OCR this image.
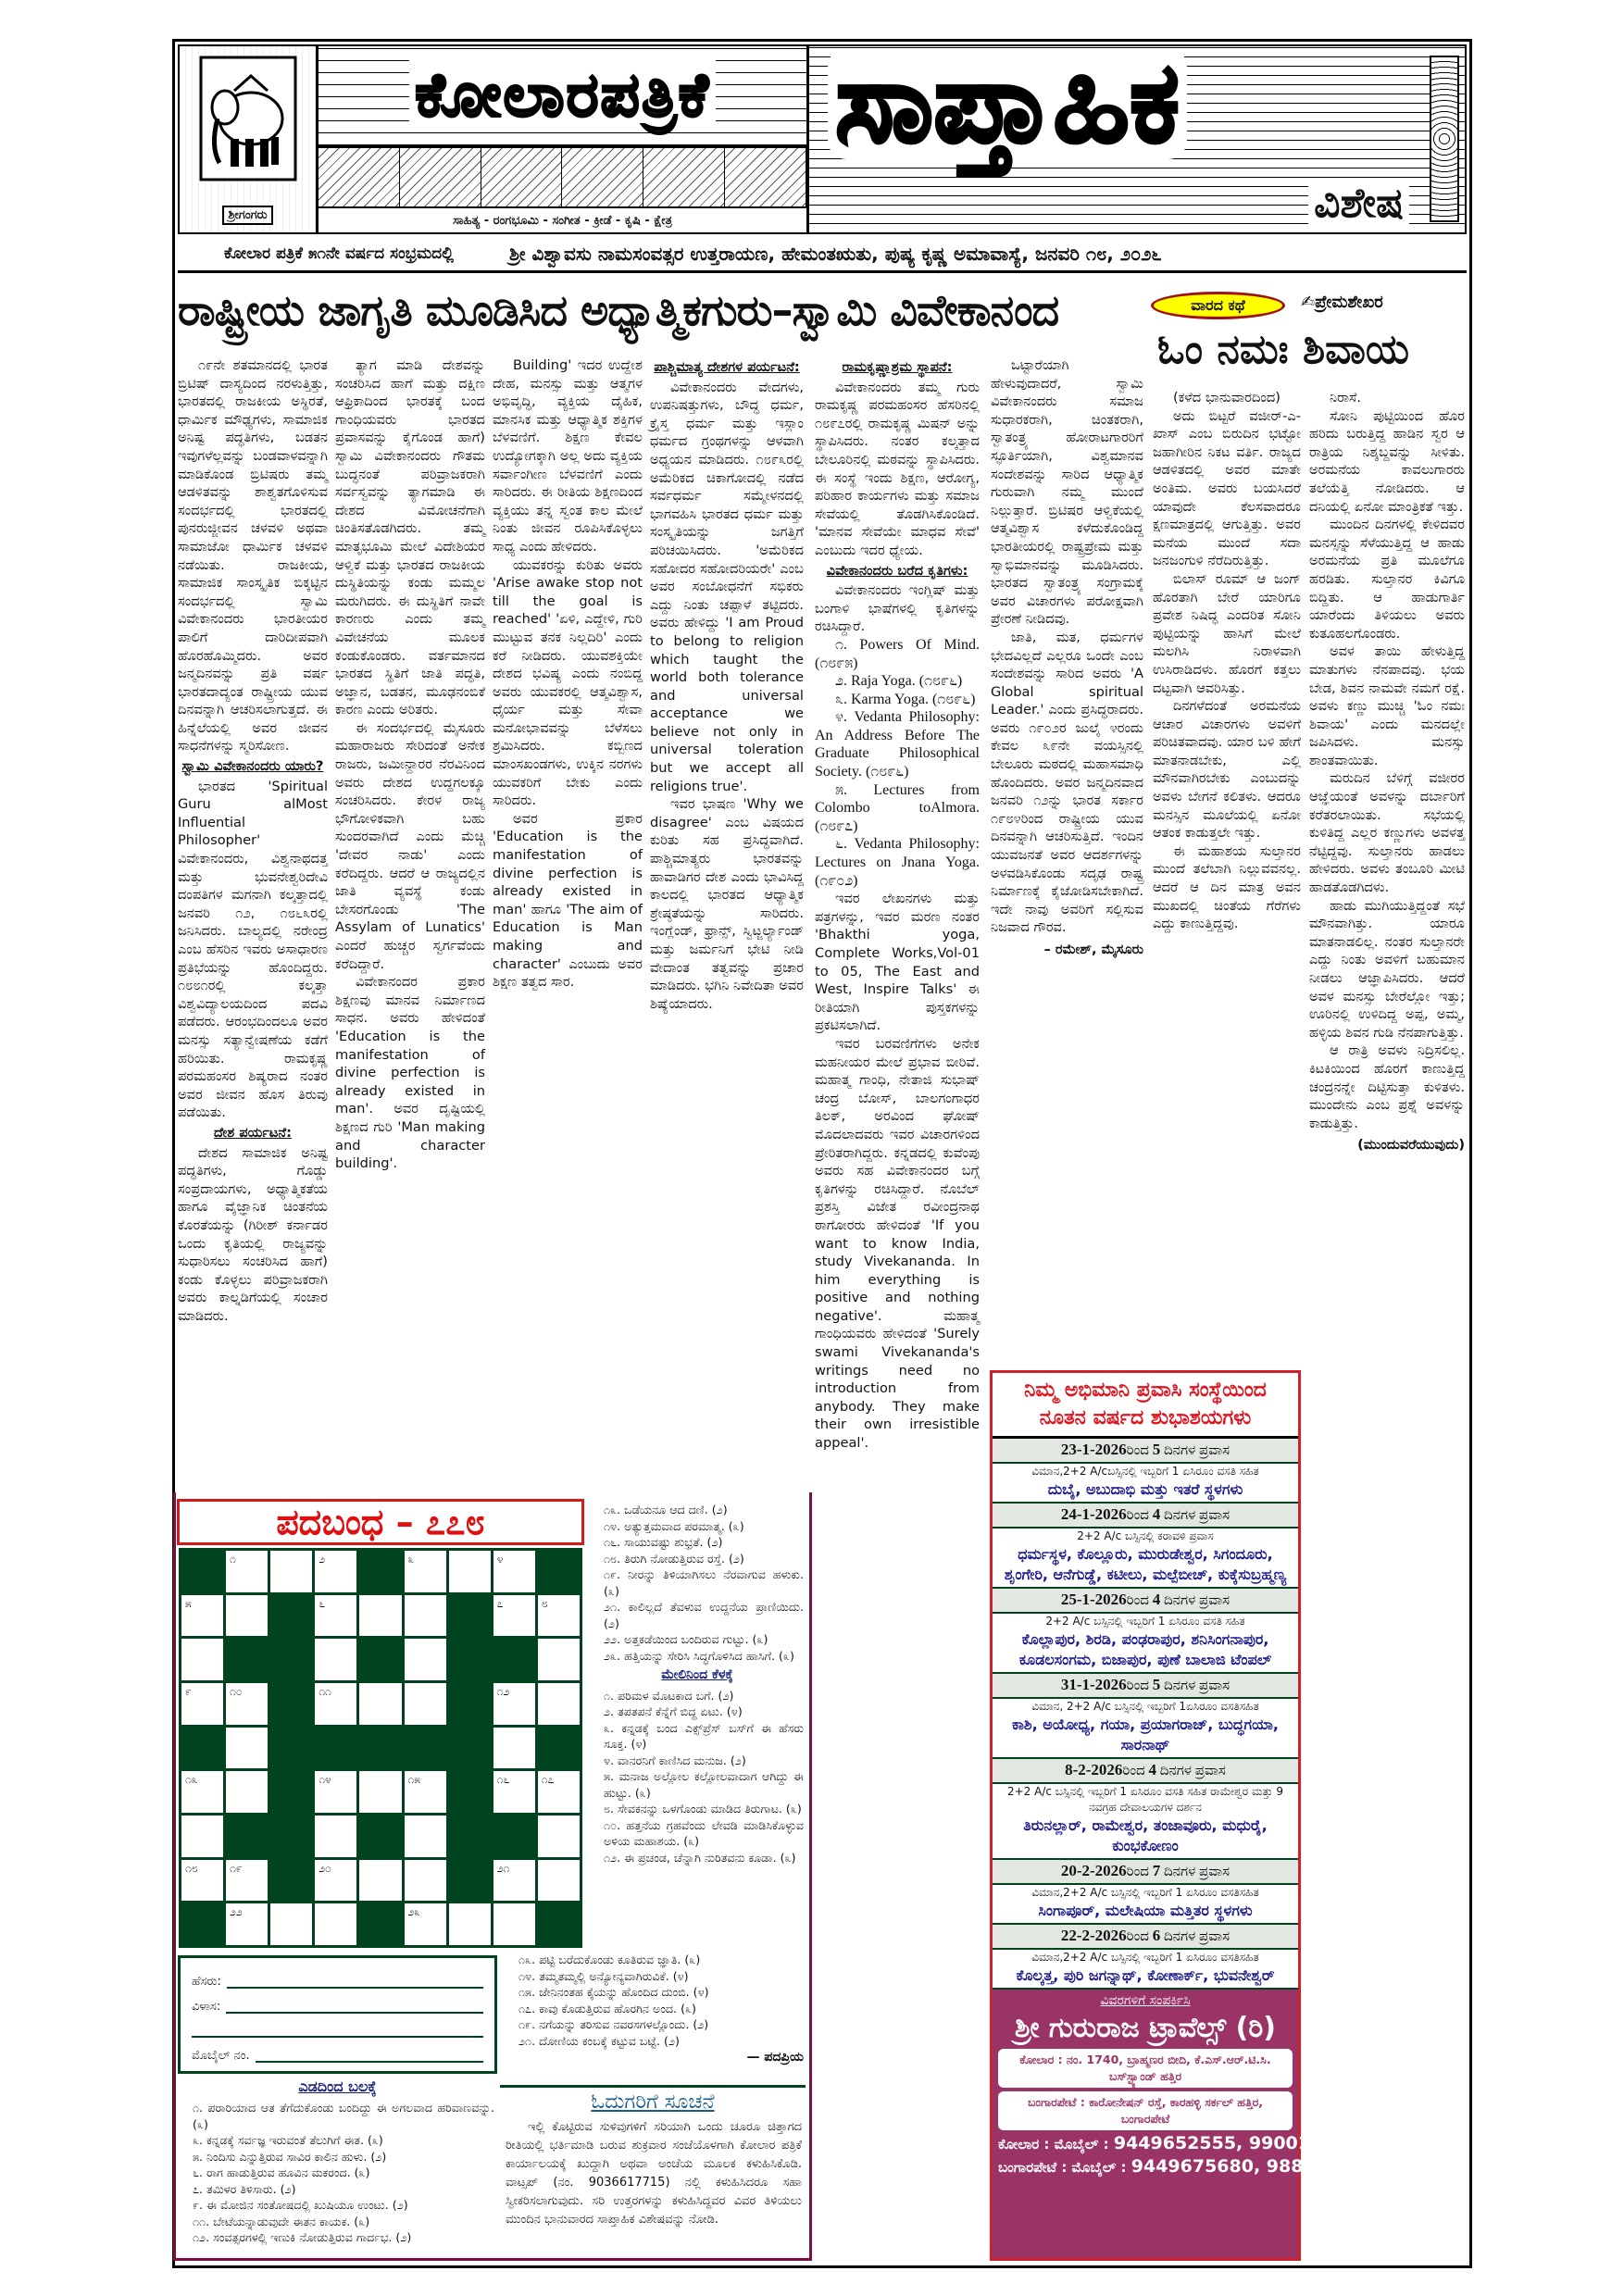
ಶ್ರೀಗಂಗರು
ಕೋಲಾರಪತ್ರಿಕೆ
ಸಾಹಿತ್ಯ - ರಂಗಭೂಮಿ - ಸಂಗೀತ - ಕ್ರೀಡೆ - ಕೃಷಿ - ಕ್ಷೇತ್ರ
ಸಾಪ್ತಾಹಿಕ
ವಿಶೇಷ
ಕೋಲಾರ ಪತ್ರಿಕೆ ೫೧ನೇ ವರ್ಷದ ಸಂಭ್ರಮದಲ್ಲಿ	ಶ್ರೀ ವಿಶ್ವಾವಸು ನಾಮಸಂವತ್ಸರ ಉತ್ತರಾಯಣ, ಹೇಮಂತಋತು, ಪುಷ್ಯ ಕೃಷ್ಣ ಅಮಾವಾಸ್ಯೆ, ಜನವರಿ ೧೮, ೨೦೨೬
ರಾಷ್ಟ್ರೀಯ ಜಾಗೃತಿ ಮೂಡಿಸಿದ ಅಧ್ಯಾತ್ಮಿಕಗುರು–ಸ್ವಾಮಿ ವಿವೇಕಾನಂದ	ವಾರದ ಕಥೆ	✍ಪ್ರೇಮಶೇಖರ
ಓಂ ನಮಃ ಶಿವಾಯ

೧೯ನೇ ಶತಮಾನದಲ್ಲಿ ಭಾರತ ಬ್ರಿಟಿಷ್ ದಾಸ್ಯದಿಂದ ನರಳುತ್ತಿತ್ತು, ಭಾರತದಲ್ಲಿ ರಾಜಕೀಯ ಅಸ್ಥಿರತೆ, ಧಾರ್ಮಿಕ ಮೌಢ್ಯಗಳು, ಸಾಮಾಜಿಕ ಅನಿಷ್ಟ ಪದ್ಧತಿಗಳು, ಬಡತನ ಇವುಗಳೆಲ್ಲವನ್ನು ಬಂಡವಾಳವನ್ನಾಗಿ ಮಾಡಿಕೊಂಡ ಬ್ರಿಟಿಷರು ತಮ್ಮ ಆಡಳಿತವನ್ನು ಶಾಶ್ವತಗೊಳಿಸುವ ಸಂದರ್ಭದಲ್ಲಿ ಭಾರತದಲ್ಲಿ ಪುನರುಜ್ಜೀವನ ಚಳವಳಿ ಅಥವಾ ಸಾಮಾಜೋ ಧಾರ್ಮಿಕ ಚಳವಳಿ ನಡೆಯಿತು. ರಾಜಕೀಯ, ಸಾಮಾಜಿಕ ಸಾಂಸ್ಕೃತಿಕ ಬಿಕ್ಕಟ್ಟಿನ ಸಂದರ್ಭದಲ್ಲಿ ಸ್ವಾಮಿ ವಿವೇಕಾನಂದರು ಭಾರತೀಯರ ಪಾಲಿಗೆ ದಾರಿದೀಪವಾಗಿ ಹೊರಹೊಮ್ಮಿದರು. ಅವರ ಜನ್ಮದಿನವನ್ನು ಪ್ರತಿ ವರ್ಷ ಭಾರತದಾದ್ಯಂತ ರಾಷ್ಟ್ರೀಯ ಯುವ ದಿನವನ್ನಾಗಿ ಆಚರಿಸಲಾಗುತ್ತದೆ. ಈ ಹಿನ್ನೆಲೆಯಲ್ಲಿ ಅವರ ಜೀವನ ಸಾಧನೆಗಳನ್ನು ಸ್ಮರಿಸೋಣ.

ಸ್ವಾಮಿ ವಿವೇಕಾನಂದರು ಯಾರು?

ಭಾರತದ 'Spiritual Guru alMost Influential Philosopher' ವಿವೇಕಾನಂದರು, ವಿಶ್ವನಾಥದತ್ತ ಮತ್ತು ಭುವನೇಶ್ವರಿದೇವಿ ದಂಪತಿಗಳ ಮಗನಾಗಿ ಕಲ್ಕತ್ತಾದಲ್ಲಿ ಜನವರಿ ೧೨, ೧೮೬೩ರಲ್ಲಿ ಜನಿಸಿದರು. ಬಾಲ್ಯದಲ್ಲಿ ನರೇಂದ್ರ ಎಂಬ ಹೆಸರಿನ ಇವರು ಅಸಾಧಾರಣ ಪ್ರತಿಭೆಯನ್ನು ಹೊಂದಿದ್ದರು. ೧೮೮೧ರಲ್ಲಿ ಕಲ್ಕತ್ತಾ ವಿಶ್ವವಿದ್ಯಾಲಯದಿಂದ ಪದವಿ ಪಡೆದರು. ಆರಂಭದಿಂದಲೂ ಅವರ ಮನಸ್ಸು ಸತ್ಯಾನ್ವೇಷಣೆಯ ಕಡೆಗೆ ಹರಿಯಿತು. ರಾಮಕೃಷ್ಣ ಪರಮಹಂಸರ ಶಿಷ್ಯರಾದ ನಂತರ ಅವರ ಜೀವನ ಹೊಸ ತಿರುವು ಪಡೆಯಿತು.

ದೇಶ ಪರ್ಯಟನೆ:

ದೇಶದ ಸಾಮಾಜಿಕ ಅನಿಷ್ಟ ಪದ್ಧತಿಗಳು, ಗೊಡ್ಡು ಸಂಪ್ರದಾಯಗಳು, ಅಧ್ಯಾತ್ಮಿಕತೆಯ ಹಾಗೂ ವೈಜ್ಞಾನಿಕ ಚಿಂತನೆಯ ಕೊರತೆಯನ್ನು (ಗಿರೀಶ್ ಕರ್ನಾಡರ ಒಂದು ಕೃತಿಯಲ್ಲಿ ರಾಜ್ಯವನ್ನು ಸುಧಾರಿಸಲು ಸಂಚರಿಸಿದ ಹಾಗೆ) ಕಂಡು ಕೊಳ್ಳಲು ಪರಿವ್ರಾಜಕರಾಗಿ ಅವರು ಕಾಲ್ನಡಿಗೆಯಲ್ಲಿ ಸಂಚಾರ ಮಾಡಿದರು.

ತ್ಯಾಗ ಮಾಡಿ ದೇಶವನ್ನು ಸಂಚರಿಸಿದ ಹಾಗೆ ಮತ್ತು ದಕ್ಷಿಣ ಆಫ್ರಿಕಾದಿಂದ ಭಾರತಕ್ಕೆ ಬಂದ ಗಾಂಧಿಯವರು ಭಾರತದ ಪ್ರವಾಸವನ್ನು ಕೈಗೊಂಡ ಹಾಗೆ) ಸ್ವಾಮಿ ವಿವೇಕಾನಂದರು ಗೌತಮ ಬುದ್ಧನಂತೆ ಪರಿವ್ರಾಜಕರಾಗಿ ಸರ್ವಸ್ವವನ್ನು ತ್ಯಾಗಮಾಡಿ ಈ ದೇಶದ ವಿಮೋಚನೆಗಾಗಿ ಚಿಂತಿಸತೊಡಗಿದರು. ತಮ್ಮ ಮಾತೃಭೂಮಿ ಮೇಲೆ ವಿದೇಶಿಯರ ಆಳ್ವಿಕೆ ಮತ್ತು ಭಾರತದ ರಾಜಕೀಯ ದುಸ್ಥಿತಿಯನ್ನು ಕಂಡು ಮಮ್ಮಲ ಮರುಗಿದರು. ಈ ದುಸ್ಥಿತಿಗೆ ನಾವೇ ಕಾರಣರು ಎಂದು ತಮ್ಮ ವಿವೇಚನೆಯ ಮೂಲಕ ಕಂಡುಕೊಂಡರು. ವರ್ತಮಾನದ ಭಾರತದ ಸ್ಥಿತಿಗೆ ಜಾತಿ ಪದ್ಧತಿ, ಅಜ್ಞಾನ, ಬಡತನ, ಮೂಢನಂಬಿಕೆ ಕಾರಣ ಎಂದು ಅರಿತರು.

ಈ ಸಂದರ್ಭದಲ್ಲಿ ಮೈಸೂರು ಮಹಾರಾಜರು ಸೇರಿದಂತೆ ಅನೇಕ ರಾಜರು, ಜಮೀನ್ದಾರರ ನೆರವಿನಿಂದ ಅವರು ದೇಶದ ಉದ್ದಗಲಕ್ಕೂ ಸಂಚರಿಸಿದರು. ಕೇರಳ ರಾಜ್ಯ ಭೌಗೋಳಿಕವಾಗಿ ಬಹು ಸುಂದರವಾಗಿದೆ ಎಂದು ಮೆಚ್ಚಿ 'ದೇವರ ನಾಡು' ಎಂದು ಕರೆದಿದ್ದರು. ಆದರೆ ಆ ರಾಜ್ಯದಲ್ಲಿನ ಜಾತಿ ವ್ಯವಸ್ಥೆ ಕಂಡು ಬೇಸರಗೊಂಡು 'The Assylam of Lunatics' ಎಂದರೆ ಹುಚ್ಚರ ಸ್ವರ್ಗವೆಂದು ಕರೆದಿದ್ದಾರೆ.

ವಿವೇಕಾನಂದರ ಪ್ರಕಾರ ಶಿಕ್ಷಣವು ಮಾನವ ನಿರ್ಮಾಣದ ಸಾಧನ. ಅವರು ಹೇಳಿದಂತೆ 'Education is the manifestation of divine perfection is already existed in man'. ಅವರ ದೃಷ್ಟಿಯಲ್ಲಿ ಶಿಕ್ಷಣದ ಗುರಿ 'Man making and character building'.

Building' ಇದರ ಉದ್ದೇಶ ದೇಹ, ಮನಸ್ಸು ಮತ್ತು ಆತ್ಮಗಳ ಅಭಿವೃದ್ಧಿ, ವ್ಯಕ್ತಿಯ ದೈಹಿಕ, ಮಾನಸಿಕ ಮತ್ತು ಆಧ್ಯಾತ್ಮಿಕ ಶಕ್ತಿಗಳ ಬೆಳವಣಿಗೆ. ಶಿಕ್ಷಣ ಕೇವಲ ಉದ್ಯೋಗಕ್ಕಾಗಿ ಅಲ್ಲ ಅದು ವ್ಯಕ್ತಿಯ ಸರ್ವಾಂಗೀಣ ಬೆಳವಣಿಗೆ ಎಂದು ಸಾರಿದರು. ಈ ರೀತಿಯ ಶಿಕ್ಷಣದಿಂದ ವ್ಯಕ್ತಿಯು ತನ್ನ ಸ್ವಂತ ಕಾಲ ಮೇಲೆ ನಿಂತು ಜೀವನ ರೂಪಿಸಿಕೊಳ್ಳಲು ಸಾಧ್ಯ ಎಂದು ಹೇಳಿದರು.

ಯುವಕರನ್ನು ಕುರಿತು ಅವರು 'Arise awake stop not till the goal is reached' 'ಏಳಿ, ಎದ್ದೇಳಿ, ಗುರಿ ಮುಟ್ಟುವ ತನಕ ನಿಲ್ಲದಿರಿ' ಎಂದು ಕರೆ ನೀಡಿದರು. ಯುವಶಕ್ತಿಯೇ ದೇಶದ ಭವಿಷ್ಯ ಎಂದು ನಂಬಿದ್ದ ಅವರು ಯುವಕರಲ್ಲಿ ಆತ್ಮವಿಶ್ವಾಸ, ಧೈರ್ಯ ಮತ್ತು ಸೇವಾ ಮನೋಭಾವವನ್ನು ಬೆಳೆಸಲು ಶ್ರಮಿಸಿದರು. ಕಬ್ಬಿಣದ ಮಾಂಸಖಂಡಗಳು, ಉಕ್ಕಿನ ನರಗಳು ಯುವಕರಿಗೆ ಬೇಕು ಎಂದು ಸಾರಿದರು.

ಅವರ ಪ್ರಕಾರ 'Education is the manifestation of divine perfection is already existed in man' ಹಾಗೂ 'The aim of Education is Man making and character' ಎಂಬುದು ಅವರ ಶಿಕ್ಷಣ ತತ್ವದ ಸಾರ.

ಪಾಶ್ಚಿಮಾತ್ಯ ದೇಶಗಳ ಪರ್ಯಟನೆ:

ವಿವೇಕಾನಂದರು ವೇದಗಳು, ಉಪನಿಷತ್ತುಗಳು, ಬೌದ್ಧ ಧರ್ಮ, ಕ್ರೈಸ್ತ ಧರ್ಮ ಮತ್ತು ಇಸ್ಲಾಂ ಧರ್ಮದ ಗ್ರಂಥಗಳನ್ನು ಆಳವಾಗಿ ಅಧ್ಯಯನ ಮಾಡಿದರು. ೧೮೯೩ರಲ್ಲಿ ಅಮೆರಿಕದ ಚಿಕಾಗೋದಲ್ಲಿ ನಡೆದ ಸರ್ವಧರ್ಮ ಸಮ್ಮೇಳನದಲ್ಲಿ ಭಾಗವಹಿಸಿ ಭಾರತದ ಧರ್ಮ ಮತ್ತು ಸಂಸ್ಕೃತಿಯನ್ನು ಜಗತ್ತಿಗೆ ಪರಿಚಯಿಸಿದರು. 'ಅಮೆರಿಕದ ಸಹೋದರ ಸಹೋದರಿಯರೇ' ಎಂಬ ಅವರ ಸಂಬೋಧನೆಗೆ ಸಭಿಕರು ಎದ್ದು ನಿಂತು ಚಪ್ಪಾಳೆ ತಟ್ಟಿದರು. ಅವರು ಹೇಳಿದ್ದು 'I am Proud to belong to religion which taught the world both tolerance and universal acceptance we believe not only in universal toleration but we accept all religions true'.

ಇವರ ಭಾಷಣ 'Why we disagree' ಎಂಬ ವಿಷಯದ ಕುರಿತು ಸಹ ಪ್ರಸಿದ್ಧವಾಗಿದೆ. ಪಾಶ್ಚಿಮಾತ್ಯರು ಭಾರತವನ್ನು ಹಾವಾಡಿಗರ ದೇಶ ಎಂದು ಭಾವಿಸಿದ್ದ ಕಾಲದಲ್ಲಿ ಭಾರತದ ಆಧ್ಯಾತ್ಮಿಕ ಶ್ರೇಷ್ಠತೆಯನ್ನು ಸಾರಿದರು. ಇಂಗ್ಲೆಂಡ್, ಫ್ರಾನ್ಸ್, ಸ್ವಿಟ್ಜರ್ಲ್ಯಾಂಡ್ ಮತ್ತು ಜರ್ಮನಿಗೆ ಭೇಟಿ ನೀಡಿ ವೇದಾಂತ ತತ್ವವನ್ನು ಪ್ರಚಾರ ಮಾಡಿದರು. ಭಗಿನಿ ನಿವೇದಿತಾ ಅವರ ಶಿಷ್ಯೆಯಾದರು.

ರಾಮಕೃಷ್ಣಾಶ್ರಮ ಸ್ಥಾಪನೆ:

ವಿವೇಕಾನಂದರು ತಮ್ಮ ಗುರು ರಾಮಕೃಷ್ಣ ಪರಮಹಂಸರ ಹೆಸರಿನಲ್ಲಿ ೧೮೯೭ರಲ್ಲಿ ರಾಮಕೃಷ್ಣ ಮಿಷನ್ ಅನ್ನು ಸ್ಥಾಪಿಸಿದರು. ನಂತರ ಕಲ್ಕತ್ತಾದ ಬೇಲೂರಿನಲ್ಲಿ ಮಠವನ್ನು ಸ್ಥಾಪಿಸಿದರು. ಈ ಸಂಸ್ಥೆ ಇಂದು ಶಿಕ್ಷಣ, ಆರೋಗ್ಯ, ಪರಿಹಾರ ಕಾರ್ಯಗಳು ಮತ್ತು ಸಮಾಜ ಸೇವೆಯಲ್ಲಿ ತೊಡಗಿಸಿಕೊಂಡಿದೆ. 'ಮಾನವ ಸೇವೆಯೇ ಮಾಧವ ಸೇವೆ' ಎಂಬುದು ಇದರ ಧ್ಯೇಯ.

ವಿವೇಕಾನಂದರು ಬರೆದ ಕೃತಿಗಳು:

ವಿವೇಕಾನಂದರು ಇಂಗ್ಲಿಷ್ ಮತ್ತು ಬಂಗಾಳಿ ಭಾಷೆಗಳಲ್ಲಿ ಕೃತಿಗಳನ್ನು ರಚಿಸಿದ್ದಾರೆ.

೧. Powers Of Mind.(೧೮೯೫)

೨. Raja Yoga. (೧೮೯೬)

೩. Karma Yoga. (೧೮೯೬)

೪. Vedanta Philosophy: An Address Before The Graduate Philosophical Society. (೧೮೯೬)

೫. Lectures from Colombo toAlmora. (೧೮೯೭)

೬. Vedanta Philosophy: Lectures on Jnana Yoga. (೧೯೦೨)

ಇವರ ಲೇಖನಗಳು ಮತ್ತು ಪತ್ರಗಳನ್ನು, ಇವರ ಮರಣ ನಂತರ 'Bhakthi yoga, Complete Works,Vol-01 to 05, The East and West, Inspire Talks' ಈ ರೀತಿಯಾಗಿ ಪುಸ್ತಕಗಳನ್ನು ಪ್ರಕಟಿಸಲಾಗಿದೆ.

ಇವರ ಬರವಣಿಗೆಗಳು ಅನೇಕ ಮಹನೀಯರ ಮೇಲೆ ಪ್ರಭಾವ ಬೀರಿವೆ. ಮಹಾತ್ಮ ಗಾಂಧಿ, ನೇತಾಜಿ ಸುಭಾಷ್ ಚಂದ್ರ ಬೋಸ್, ಬಾಲಗಂಗಾಧರ ತಿಲಕ್, ಅರವಿಂದ ಘೋಷ್ ಮೊದಲಾದವರು ಇವರ ವಿಚಾರಗಳಿಂದ ಪ್ರೇರಿತರಾಗಿದ್ದರು. ಕನ್ನಡದಲ್ಲಿ ಕುವೆಂಪು ಅವರು ಸಹ ವಿವೇಕಾನಂದರ ಬಗ್ಗೆ ಕೃತಿಗಳನ್ನು ರಚಿಸಿದ್ದಾರೆ. ನೊಬೆಲ್ ಪ್ರಶಸ್ತಿ ವಿಜೇತ ರವೀಂದ್ರನಾಥ ಠಾಗೋರರು ಹೇಳಿದಂತೆ 'If you want to know India, study Vivekananda. In him everything is positive and nothing negative'. ಮಹಾತ್ಮ ಗಾಂಧಿಯವರು ಹೇಳಿದಂತೆ 'Surely swami Vivekananda's writings need no introduction from anybody. They make their own irresistible appeal'.

ಒಟ್ಟಾರೆಯಾಗಿ ಹೇಳುವುದಾದರೆ, ಸ್ವಾಮಿ ವಿವೇಕಾನಂದರು ಸಮಾಜ ಸುಧಾರಕರಾಗಿ, ಚಿಂತಕರಾಗಿ, ಸ್ವಾತಂತ್ರ್ಯ ಹೋರಾಟಗಾರರಿಗೆ ಸ್ಫೂರ್ತಿಯಾಗಿ, ವಿಶ್ವಮಾನವ ಸಂದೇಶವನ್ನು ಸಾರಿದ ಆಧ್ಯಾತ್ಮಿಕ ಗುರುವಾಗಿ ನಮ್ಮ ಮುಂದೆ ನಿಲ್ಲುತ್ತಾರೆ. ಬ್ರಿಟಿಷರ ಆಳ್ವಿಕೆಯಲ್ಲಿ ಆತ್ಮವಿಶ್ವಾಸ ಕಳೆದುಕೊಂಡಿದ್ದ ಭಾರತೀಯರಲ್ಲಿ ರಾಷ್ಟ್ರಪ್ರೇಮ ಮತ್ತು ಸ್ವಾಭಿಮಾನವನ್ನು ಮೂಡಿಸಿದರು. ಭಾರತದ ಸ್ವಾತಂತ್ರ್ಯ ಸಂಗ್ರಾಮಕ್ಕೆ ಅವರ ವಿಚಾರಗಳು ಪರೋಕ್ಷವಾಗಿ ಪ್ರೇರಣೆ ನೀಡಿದವು.

ಜಾತಿ, ಮತ, ಧರ್ಮಗಳ ಭೇದವಿಲ್ಲದೆ ಎಲ್ಲರೂ ಒಂದೇ ಎಂಬ ಸಂದೇಶವನ್ನು ಸಾರಿದ ಅವರು 'A Global spiritual Leader.' ಎಂದು ಪ್ರಸಿದ್ಧರಾದರು. ಅವರು ೧೯೦೨ರ ಜುಲೈ ೪ರಂದು ಕೇವಲ ೩೯ನೇ ವಯಸ್ಸಿನಲ್ಲಿ ಬೇಲೂರು ಮಠದಲ್ಲಿ ಮಹಾಸಮಾಧಿ ಹೊಂದಿದರು. ಅವರ ಜನ್ಮದಿನವಾದ ಜನವರಿ ೧೨ನ್ನು ಭಾರತ ಸರ್ಕಾರ ೧೯೮೪ರಿಂದ ರಾಷ್ಟ್ರೀಯ ಯುವ ದಿನವನ್ನಾಗಿ ಆಚರಿಸುತ್ತಿದೆ. ಇಂದಿನ ಯುವಜನತೆ ಅವರ ಆದರ್ಶಗಳನ್ನು ಅಳವಡಿಸಿಕೊಂಡು ಸದೃಢ ರಾಷ್ಟ್ರ ನಿರ್ಮಾಣಕ್ಕೆ ಕೈಜೋಡಿಸಬೇಕಾಗಿದೆ. ಇದೇ ನಾವು ಅವರಿಗೆ ಸಲ್ಲಿಸುವ ನಿಜವಾದ ಗೌರವ.

– ರಮೇಶ್, ಮೈಸೂರು

(ಕಳೆದ ಭಾನುವಾರದಿಂದ)

ಅದು ಬಿಟ್ಟರೆ ವಜೀರ್-ಎ-ಖಾಸ್ ಎಂಬ ಬಿರುದಿನ ಭಟ್ಟೋ ಜಹಾಗೀರಿನ ನಿಕಟ ವರ್ತಿ. ರಾಜ್ಯದ ಆಡಳಿತದಲ್ಲಿ ಅವರ ಮಾತೇ ಅಂತಿಮ. ಅವರು ಬಯಸಿದರೆ ಯಾವುದೇ ಕೆಲಸವಾದರೂ ಕ್ಷಣಮಾತ್ರದಲ್ಲಿ ಆಗುತ್ತಿತ್ತು. ಅವರ ಮನೆಯ ಮುಂದೆ ಸದಾ ಜನಜಂಗುಳಿ ನೆರೆದಿರುತ್ತಿತ್ತು.

ಬಿಲಾಸ್ ರೂಮ್ ಆ ಜಂಗ್ ಹೊರತಾಗಿ ಬೇರೆ ಯಾರಿಗೂ ಪ್ರವೇಶ ನಿಷಿದ್ಧ ಎಂದರಿತ ಸೋನಿ ಪುಟ್ಟಿಯನ್ನು ಹಾಸಿಗೆ ಮೇಲೆ ಮಲಗಿಸಿ ನಿರಾಳವಾಗಿ ಉಸಿರಾಡಿದಳು. ಹೊರಗೆ ಕತ್ತಲು ದಟ್ಟವಾಗಿ ಆವರಿಸಿತ್ತು.

ದಿನಗಳೆದಂತೆ ಅರಮನೆಯ ಆಚಾರ ವಿಚಾರಗಳು ಅವಳಿಗೆ ಪರಿಚಿತವಾದವು. ಯಾರ ಬಳಿ ಹೇಗೆ ಮಾತನಾಡಬೇಕು, ಎಲ್ಲಿ ಮೌನವಾಗಿರಬೇಕು ಎಂಬುದನ್ನು ಅವಳು ಬೇಗನೆ ಕಲಿತಳು. ಆದರೂ ಮನಸ್ಸಿನ ಮೂಲೆಯಲ್ಲಿ ಏನೋ ಆತಂಕ ಕಾಡುತ್ತಲೇ ಇತ್ತು.

ಈ ಮಹಾಶಯ ಸುಲ್ತಾನರ ಮುಂದೆ ತಲೆಬಾಗಿ ನಿಲ್ಲುವವನಲ್ಲ. ಆದರೆ ಆ ದಿನ ಮಾತ್ರ ಅವನ ಮುಖದಲ್ಲಿ ಚಿಂತೆಯ ಗೆರೆಗಳು ಎದ್ದು ಕಾಣುತ್ತಿದ್ದವು.

ನಿರಾಸೆ.

ಸೋನಿ ಪುಟ್ಟಿಯಿಂದ ಹೊರ ಹರಿದು ಬರುತ್ತಿದ್ದ ಹಾಡಿನ ಸ್ವರ ಆ ರಾತ್ರಿಯ ನಿಶ್ಶಬ್ದವನ್ನು ಸೀಳಿತು. ಅರಮನೆಯ ಕಾವಲುಗಾರರು ತಲೆಯೆತ್ತಿ ನೋಡಿದರು. ಆ ದನಿಯಲ್ಲಿ ಏನೋ ಮಾಂತ್ರಿಕತೆ ಇತ್ತು.

ಮುಂದಿನ ದಿನಗಳಲ್ಲಿ ಕೇಳಿದವರ ಮನಸ್ಸನ್ನು ಸೆಳೆಯುತ್ತಿದ್ದ ಆ ಹಾಡು ಅರಮನೆಯ ಪ್ರತಿ ಮೂಲೆಗೂ ಹರಡಿತು. ಸುಲ್ತಾನರ ಕಿವಿಗೂ ಬಿದ್ದಿತು. ಆ ಹಾಡುಗಾರ್ತಿ ಯಾರೆಂದು ತಿಳಿಯಲು ಅವರು ಕುತೂಹಲಗೊಂಡರು.

ಅವಳ ತಾಯಿ ಹೇಳುತ್ತಿದ್ದ ಮಾತುಗಳು ನೆನಪಾದವು. ಭಯ ಬೇಡ, ಶಿವನ ನಾಮವೇ ನಮಗೆ ರಕ್ಷೆ. ಅವಳು ಕಣ್ಣು ಮುಚ್ಚಿ 'ಓಂ ನಮಃ ಶಿವಾಯ' ಎಂದು ಮನದಲ್ಲೇ ಜಪಿಸಿದಳು. ಮನಸ್ಸು ಶಾಂತವಾಯಿತು.

ಮರುದಿನ ಬೆಳಿಗ್ಗೆ ವಜೀರರ ಆಜ್ಞೆಯಂತೆ ಅವಳನ್ನು ದರ್ಬಾರಿಗೆ ಕರೆತರಲಾಯಿತು. ಸಭೆಯಲ್ಲಿ ಕುಳಿತಿದ್ದ ಎಲ್ಲರ ಕಣ್ಣುಗಳು ಅವಳತ್ತ ನೆಟ್ಟಿದ್ದವು. ಸುಲ್ತಾನರು ಹಾಡಲು ಹೇಳಿದರು. ಅವಳು ತಂಬೂರಿ ಮೀಟಿ ಹಾಡತೊಡಗಿದಳು.

ಹಾಡು ಮುಗಿಯುತ್ತಿದ್ದಂತೆ ಸಭೆ ಮೌನವಾಗಿತ್ತು. ಯಾರೂ ಮಾತನಾಡಲಿಲ್ಲ. ನಂತರ ಸುಲ್ತಾನರೇ ಎದ್ದು ನಿಂತು ಅವಳಿಗೆ ಬಹುಮಾನ ನೀಡಲು ಆಜ್ಞಾಪಿಸಿದರು. ಆದರೆ ಅವಳ ಮನಸ್ಸು ಬೇರೆಲ್ಲೋ ಇತ್ತು; ಊರಿನಲ್ಲಿ ಉಳಿದಿದ್ದ ಅಪ್ಪ, ಅಮ್ಮ, ಹಳ್ಳಿಯ ಶಿವನ ಗುಡಿ ನೆನಪಾಗುತ್ತಿತ್ತು.

ಆ ರಾತ್ರಿ ಅವಳು ನಿದ್ರಿಸಲಿಲ್ಲ. ಕಿಟಕಿಯಿಂದ ಹೊರಗೆ ಕಾಣುತ್ತಿದ್ದ ಚಂದ್ರನನ್ನೇ ದಿಟ್ಟಿಸುತ್ತಾ ಕುಳಿತಳು. ಮುಂದೇನು ಎಂಬ ಪ್ರಶ್ನೆ ಅವಳನ್ನು ಕಾಡುತ್ತಿತ್ತು.

(ಮುಂದುವರೆಯುವುದು)

ಪದಬಂಧ – ೭೭೮
೧	೨	೩	೪
೫	೬	೭	೮
೯	೧೦	೧೧	೧೨
೧೩	೧೪	೧೫	೧೬	೧೭
೧೮	೧೯	೨೦	೨೧
೨೨	೨೩
೧೩. ಒಡೆಯನೂ ಆದ ದಣಿ. (೨)
೧೪. ಅತ್ಯುತ್ತಮವಾದ ಪರಮಾತ್ಮ. (೩)
೧೬. ಸಾಯುವಷ್ಟು ಶುಭ್ರತೆ. (೨)
೧೮. ತಿರುಗಿ ನೋಡುತ್ತಿರುವ ರಸ್ತೆ. (೨)
೧೯. ನೀರನ್ನು ತಿಳಿಯಾಗಿಸಲು ನೆರವಾಗುವ ಹಳುಕು. (೩)
೨೧. ಕಾಲಿಲ್ಲದೆ ತೆವಳುವ ಉದ್ದನೆಯ ಪ್ರಾಣಿಯಿದು. (೨)
೨೨. ಅತ್ತಕಡೆಯಿಂದ ಬಂದಿರುವ ಗುಟ್ಟು. (೩)
೨೩. ಹತ್ತಿಯನ್ನು ಸೇರಿಸಿ ಸಿದ್ಧಗೊಳಿಸಿದ ಹಾಸಿಗೆ. (೩)
ಮೇಲಿನಿಂದ ಕೆಳಕ್ಕೆ
೧. ಪರಿಮಳ ಮೊಟಕಾದ ಬಗೆ. (೨)
೨. ತಪತಪನೆ ಕೆನ್ನೆಗೆ ಬಿದ್ದ ಏಟು. (೪)
೩. ಕನ್ನಡಕ್ಕೆ ಬಂದ ಎಕ್ಸ್‌ಪ್ರೆಸ್ ಬಸ್‌ಗೆ ಈ ಹೆಸರು ಸೂಕ್ತ. (೪)
೪. ವಾನರನಿಗೆ ಕಾಣಿಸಿದ ಮನುಜ. (೨)
೫. ಮನಾಜ ಅಲ್ಲೋಲ ಕಲ್ಲೋಲವಾದಾಗ ಆಗಿದ್ದು ಈ ಹುಟ್ಟು. (೩)
೮. ಸೇವಕನನ್ನು ಒಳಗೊಂಡು ಮಾಡಿದ ತಿರುಗಾಟ. (೩)
೧೦. ಹತ್ತನೆಯ ಗ್ರಹವೆಂದು ಲೇವಡಿ ಮಾಡಿಸಿಕೊಳ್ಳುವ ಅಳಿಯ ಮಹಾಶಯ. (೩)
೧೨. ಈ ಪ್ರಚಂಡ, ಚೆನ್ನಾಗಿ ನುರಿತವನು ಕೂಡಾ. (೩)
ಹೆಸರು:
ವಿಳಾಸ:
ಮೊಬೈಲ್ ನಂ.
ಎಡದಿಂದ ಬಲಕ್ಕೆ
೧. ಪರಾರಿಯಾದ ಆತ ತೆಗೆದುಕೊಂಡು ಬಂದಿದ್ದು ಈ ಅಗಲವಾದ ಹರಿವಾಣವನ್ನು. (೩)
೩. ಕನ್ನಡಕ್ಕೆ ಸರ್ವಜ್ಞ ಇರುವಂತೆ ತೆಲುಗಿಗೆ ಈತ. (೩)
೫. ನಿಂದಿಸು ಎನ್ನುತ್ತಿರುವ ಸಾವಿರ ಕಾಲಿನ ಹುಳು. (೨)
೬. ರಾಗ ಹಾಡುತ್ತಿರುವ ಹೂವಿನ ಮಕರಂದ. (೩)
೭. ತಮಿಳರ ತಿಳಿಸಾರು. (೨)
೯. ಈ ಮೋಜಿನ ಸಂತೋಷದಲ್ಲಿ ಖುಷಿಯೂ ಉಂಟು. (೨)
೧೧. ಬೇಟೆಯನ್ನಾಡುವುದೇ ಈತನ ಕಾಯಕ. (೩)
೧೨. ಸಂವತ್ಸರಗಳಲ್ಲಿ ಇಣುಕಿ ನೋಡುತ್ತಿರುವ ಗಾರ್ದಭ. (೨)
೧೩. ಪಟ್ಟಿ ಬರೆದುಕೊಂಡು ಕೂತಿರುವ ಜ್ಞಾತಿ. (೩)
೧೪. ತಮ್ಮತಮ್ಮಲ್ಲಿ ಅನ್ಯೋನ್ಯವಾಗಿರುವಿಕೆ. (೪)
೧೫. ಜೇನಿನಂತಹ ಕೈಯನ್ನು ಹೊಂದಿದ ದುಂಬಿ. (೪)
೧೭. ಕಾವು ಕೊಡುತ್ತಿರುವ ಹೊರಗಿನ ಅಂದ. (೩)
೧೯. ನಗೆಯನ್ನು ತರಿಸುವ ನವರಸಗಳಲ್ಲೊಂದು. (೨)
೨೧. ದೋಣಿಯ ಕಂಬಕ್ಕೆ ಕಟ್ಟುವ ಬಟ್ಟೆ. (೨)
— ಪದಪ್ರಿಯ
ಓದುಗರಿಗೆ ಸೂಚನೆ
ಇಲ್ಲಿ ಕೊಟ್ಟಿರುವ ಸುಳಿವುಗಳಿಗೆ ಸರಿಯಾಗಿ ಒಂದು ಚೂರೂ ಚಿತ್ತಾಗದ ರೀತಿಯಲ್ಲಿ ಭರ್ತಿಮಾಡಿ ಬರುವ ಶುಕ್ರವಾರ ಸಂಜೆಯೊಳಗಾಗಿ ಕೋಲಾರ ಪತ್ರಿಕೆ ಕಾರ್ಯಾಲಯಕ್ಕೆ ಖುದ್ದಾಗಿ ಅಥವಾ ಅಂಚೆಯ ಮೂಲಕ ಕಳುಹಿಸಿಕೊಡಿ. ವಾಟ್ಸಪ್ (ನಂ. 9036617715) ನಲ್ಲಿ ಕಳುಹಿಸಿದರೂ ಸಹಾ ಸ್ವೀಕರಿಸಲಾಗುವುದು. ಸರಿ ಉತ್ತರಗಳನ್ನು ಕಳುಹಿಸಿದ್ದವರ ವಿವರ ತಿಳಿಯಲು ಮುಂದಿನ ಭಾನುವಾರದ ಸಾಪ್ತಾಹಿಕ ವಿಶೇಷವನ್ನು ನೋಡಿ.
ನಿಮ್ಮ ಅಭಿಮಾನಿ ಪ್ರವಾಸಿ ಸಂಸ್ಥೆಯಿಂದ
ನೂತನ ವರ್ಷದ ಶುಭಾಶಯಗಳು
23-1-2026ರಿಂದ 5 ದಿನಗಳ ಪ್ರವಾಸ
ವಿಮಾನ,2+2 A/cಬಸ್ಸಿನಲ್ಲಿ ಇಬ್ಬರಿಗೆ 1 ಏಸಿರೂಂ ವಸತಿ ಸಹಿತ
ದುಬೈ, ಅಬುದಾಭಿ ಮತ್ತು ಇತರೆ ಸ್ಥಳಗಳು
24-1-2026ರಿಂದ 4 ದಿನಗಳ ಪ್ರವಾಸ
2+2 A/c ಬಸ್ಸಿನಲ್ಲಿ ಕರಾವಳಿ ಪ್ರವಾಸ
ಧರ್ಮಸ್ಥಳ, ಕೊಲ್ಲೂರು, ಮುರುಡೇಶ್ವರ, ಸಿಗಂದೂರು, ಶೃಂಗೇರಿ, ಆನೆಗುಡ್ಡೆ, ಕಟೀಲು, ಮಲ್ಪೆಬೀಚ್, ಕುಕ್ಕೆಸುಬ್ರಹ್ಮಣ್ಯ
25-1-2026ರಿಂದ 4 ದಿನಗಳ ಪ್ರವಾಸ
2+2 A/c ಬಸ್ಸಿನಲ್ಲಿ ಇಬ್ಬರಿಗೆ 1 ಏಸಿರೂಂ ವಸತಿ ಸಹಿತ
ಕೊಲ್ಲಾಪುರ, ಶಿರಡಿ, ಪಂಢರಾಪುರ, ಶನಿಸಿಂಗನಾಪುರ, ಕೂಡಲಸಂಗಮ, ಬಿಜಾಪುರ, ಪುಣೆ ಬಾಲಾಜಿ ಟೆಂಪಲ್
31-1-2026ರಿಂದ 5 ದಿನಗಳ ಪ್ರವಾಸ
ವಿಮಾನ, 2+2 A/c ಬಸ್ಸಿನಲ್ಲಿ ಇಬ್ಬರಿಗೆ 1ಏಸಿರೂಂ ವಸತಿಸಹಿತ
ಕಾಶಿ, ಅಯೋಧ್ಯ, ಗಯಾ, ಪ್ರಯಾಗರಾಜ್, ಬುದ್ಧಗಯಾ, ಸಾರನಾಥ್
8-2-2026ರಿಂದ 4 ದಿನಗಳ ಪ್ರವಾಸ
2+2 A/c ಬಸ್ಸಿನಲ್ಲಿ ಇಬ್ಬರಿಗೆ 1 ಏಸಿರೂಂ ವಸತಿ ಸಹಿತ ರಾಮೇಶ್ವರ ಮತ್ತು 9 ನವಗ್ರಹ ದೇವಾಲಯಗಳ ದರ್ಶನ
ತಿರುನಲ್ಲಾರ್, ರಾಮೇಶ್ವರ, ತಂಜಾವೂರು, ಮಧುರೈ, ಕುಂಭಕೋಣಂ
20-2-2026ರಿಂದ 7 ದಿನಗಳ ಪ್ರವಾಸ
ವಿಮಾನ,2+2 A/c ಬಸ್ಸಿನಲ್ಲಿ ಇಬ್ಬರಿಗೆ 1 ಏಸಿರೂಂ ವಸತಿಸಹಿತ
ಸಿಂಗಾಪೂರ್, ಮಲೇಷಿಯಾ ಮತ್ತಿತರ ಸ್ಥಳಗಳು
22-2-2026ರಿಂದ 6 ದಿನಗಳ ಪ್ರವಾಸ
ವಿಮಾನ,2+2 A/c ಬಸ್ಸಿನಲ್ಲಿ ಇಬ್ಬರಿಗೆ 1 ಏಸಿರೂಂ ವಸತಿಸಹಿತ
ಕೊಲ್ಕತ್ತ, ಪುರಿ ಜಗನ್ನಾಥ್, ಕೋಣಾರ್ಕ್, ಭುವನೇಶ್ವರ್
ವಿವರಗಳಿಗೆ ಸಂಪರ್ಕಿಸಿ
ಶ್ರೀ ಗುರುರಾಜ ಟ್ರಾವೆಲ್ಸ್ (ರಿ)
ಕೋಲಾರ : ನಂ. 1740, ಬ್ರಾಹ್ಮಣರ ಬೀದಿ, ಕೆ.ಎಸ್.ಆರ್.ಟಿ.ಸಿ. ಬಸ್‌ಸ್ಟ್ಯಾಂಡ್ ಹತ್ತಿರ
ಬಂಗಾರಪೇಟೆ : ಕಾರೋನೇಷನ್ ರಸ್ತೆ, ಕಾರಹಳ್ಳಿ ಸರ್ಕಲ್ ಹತ್ತಿರ, ಬಂಗಾರಪೇಟೆ
ಕೋಲಾರ : ಮೊಬೈಲ್ : 9449652555, 9900124333
ಬಂಗಾರಪೇಟೆ : ಮೊಬೈಲ್ : 9449675680, 9886419866
